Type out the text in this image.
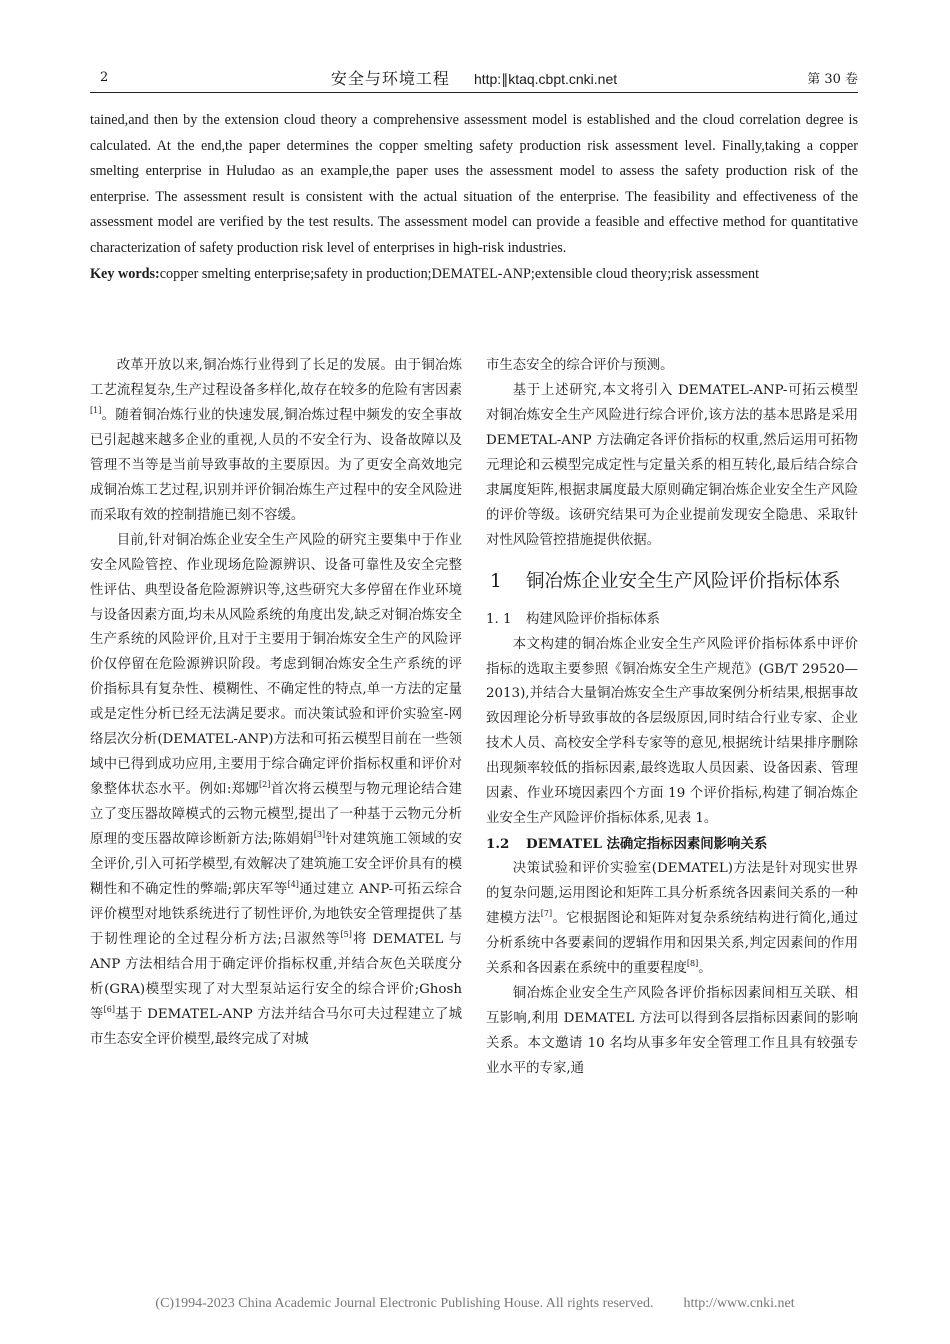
2	安全与环境工程 http:∥ktaq.cbpt.cnki.net	第 30 卷

tained,and then by the extension cloud theory a comprehensive assessment model is established and the cloud correlation degree is calculated. At the end,the paper determines the copper smelting safety production risk assessment level. Finally,taking a copper smelting enterprise in Huludao as an example,the paper uses the assessment model to assess the safety production risk of the enterprise. The assessment result is consistent with the actual situation of the enterprise. The feasibility and effectiveness of the assessment model are verified by the test results. The assessment model can provide a feasible and effective method for quantitative characterization of safety production risk level of enterprises in high-risk industries.

Key words:copper smelting enterprise;safety in production;DEMATEL-ANP;extensible cloud theory;risk assessment

改革开放以来,铜冶炼行业得到了长足的发展。由于铜冶炼工艺流程复杂,生产过程设备多样化,故存在较多的危险有害因素[1]。随着铜冶炼行业的快速发展,铜冶炼过程中频发的安全事故已引起越来越多企业的重视,人员的不安全行为、设备故障以及管理不当等是当前导致事故的主要原因。为了更安全高效地完成铜冶炼工艺过程,识别并评价铜冶炼生产过程中的安全风险进而采取有效的控制措施已刻不容缓。

目前,针对铜冶炼企业安全生产风险的研究主要集中于作业安全风险管控、作业现场危险源辨识、设备可靠性及安全完整性评估、典型设备危险源辨识等,这些研究大多停留在作业环境与设备因素方面,均未从风险系统的角度出发,缺乏对铜冶炼安全生产系统的风险评价,且对于主要用于铜冶炼安全生产的风险评价仅停留在危险源辨识阶段。考虑到铜冶炼安全生产系统的评价指标具有复杂性、模糊性、不确定性的特点,单一方法的定量或是定性分析已经无法满足要求。而决策试验和评价实验室-网络层次分析(DEMATEL-ANP)方法和可拓云模型目前在一些领域中已得到成功应用,主要用于综合确定评价指标权重和评价对象整体状态水平。例如:郑娜[2]首次将云模型与物元理论结合建立了变压器故障模式的云物元模型,提出了一种基于云物元分析原理的变压器故障诊断新方法;陈娟娟[3]针对建筑施工领域的安全评价,引入可拓学模型,有效解决了建筑施工安全评价具有的模糊性和不确定性的弊端;郭庆军等[4]通过建立 ANP-可拓云综合评价模型对地铁系统进行了韧性评价,为地铁安全管理提供了基于韧性理论的全过程分析方法;吕淑然等[5]将 DEMATEL 与 ANP 方法相结合用于确定评价指标权重,并结合灰色关联度分析(GRA)模型实现了对大型泵站运行安全的综合评价;Ghosh 等[6]基于 DEMATEL-ANP 方法并结合马尔可夫过程建立了城市生态安全评价模型,最终完成了对城

市生态安全的综合评价与预测。

基于上述研究,本文将引入 DEMATEL-ANP-可拓云模型对铜冶炼安全生产风险进行综合评价,该方法的基本思路是采用 DEMETAL-ANP 方法确定各评价指标的权重,然后运用可拓物元理论和云模型完成定性与定量关系的相互转化,最后结合综合隶属度矩阵,根据隶属度最大原则确定铜冶炼企业安全生产风险的评价等级。该研究结果可为企业提前发现安全隐患、采取针对性风险管控措施提供依据。

1	铜冶炼企业安全生产风险评价指标体系
1. 1 构建风险评价指标体系

本文构建的铜冶炼企业安全生产风险评价指标体系中评价指标的选取主要参照《铜冶炼安全生产规范》(GB/T 29520—2013),并结合大量铜冶炼安全生产事故案例分析结果,根据事故致因理论分析导致事故的各层级原因,同时结合行业专家、企业技术人员、高校安全学科专家等的意见,根据统计结果排序删除出现频率较低的指标因素,最终选取人员因素、设备因素、管理因素、作业环境因素四个方面 19 个评价指标,构建了铜冶炼企业安全生产风险评价指标体系,见表 1。

1.2 DEMATEL 法确定指标因素间影响关系

决策试验和评价实验室(DEMATEL)方法是针对现实世界的复杂问题,运用图论和矩阵工具分析系统各因素间关系的一种建模方法[7]。它根据图论和矩阵对复杂系统结构进行简化,通过分析系统中各要素间的逻辑作用和因果关系,判定因素间的作用关系和各因素在系统中的重要程度[8]。

铜冶炼企业安全生产风险各评价指标因素间相互关联、相互影响,利用 DEMATEL 方法可以得到各层指标因素间的影响关系。本文邀请 10 名均从事多年安全管理工作且具有较强专业水平的专家,通

(C)1994-2023 China Academic Journal Electronic Publishing House. All rights reserved. http://www.cnki.net
